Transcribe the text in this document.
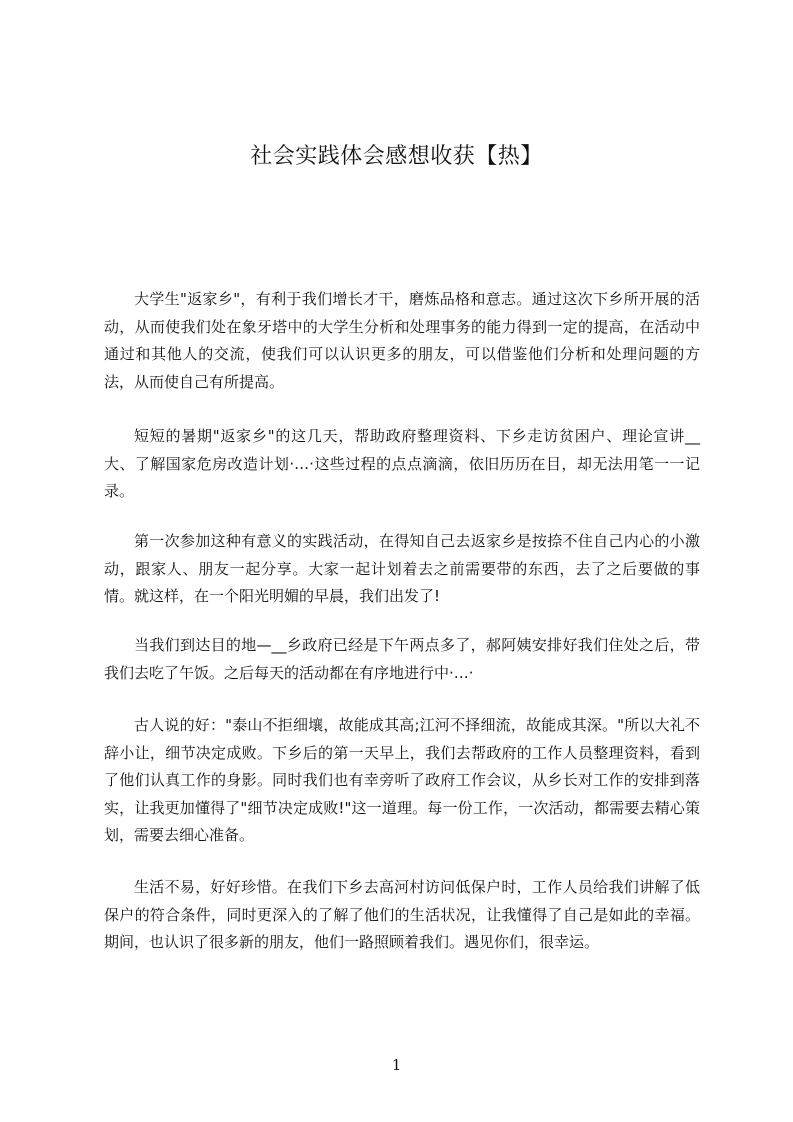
社会实践体会感想收获【热】

大学生"返家乡"，有利于我们增长才干，磨炼品格和意志。通过这次下乡所开展的活动，从而使我们处在象牙塔中的大学生分析和处理事务的能力得到一定的提高，在活动中通过和其他人的交流，使我们可以认识更多的朋友，可以借鉴他们分析和处理问题的方法，从而使自己有所提高。

短短的暑期"返家乡"的这几天，帮助政府整理资料、下乡走访贫困户、理论宣讲__大、了解国家危房改造计划·…·这些过程的点点滴滴，依旧历历在目，却无法用笔一一记录。

第一次参加这种有意义的实践活动，在得知自己去返家乡是按捺不住自己内心的小激动，跟家人、朋友一起分享。大家一起计划着去之前需要带的东西，去了之后要做的事情。就这样，在一个阳光明媚的早晨，我们出发了!

当我们到达目的地—__乡政府已经是下午两点多了，郝阿姨安排好我们住处之后，带我们去吃了午饭。之后每天的活动都在有序地进行中·…·

古人说的好："泰山不拒细壤，故能成其高;江河不择细流，故能成其深。"所以大礼不辞小让，细节决定成败。下乡后的第一天早上，我们去帮政府的工作人员整理资料，看到了他们认真工作的身影。同时我们也有幸旁听了政府工作会议，从乡长对工作的安排到落实，让我更加懂得了"细节决定成败!"这一道理。每一份工作，一次活动，都需要去精心策划，需要去细心准备。

生活不易，好好珍惜。在我们下乡去高河村访问低保户时，工作人员给我们讲解了低保户的符合条件，同时更深入的了解了他们的生活状况，让我懂得了自己是如此的幸福。期间，也认识了很多新的朋友，他们一路照顾着我们。遇见你们，很幸运。

1
